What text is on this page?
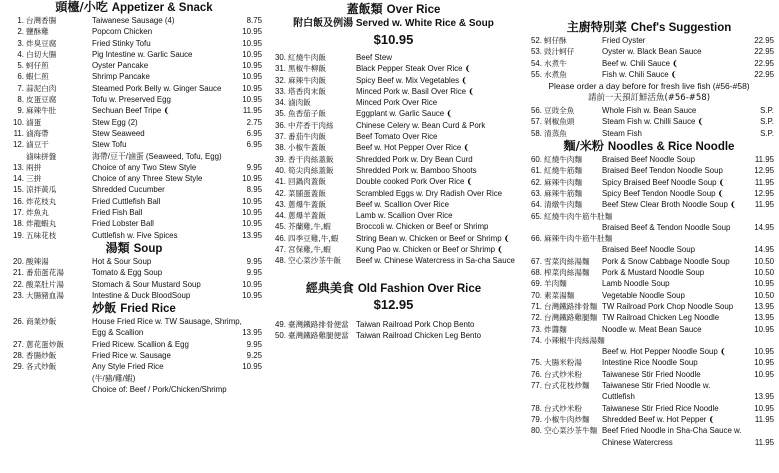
頭檯/小吃 Appetizer & Snack
1. 台灣香腸	Taiwanese Sausage (4)	8.75
2. 鹽酥雞	Popcorn Chicken	10.95
3. 炸臭豆腐	Fried Stinky Tofu	10.95
4. 白切大腸	Pig Intestine w. Garlic Sauce	10.95
5. 蚵仔煎	Oyster Pancake	10.95
6. 蝦仁煎	Shrimp Pancake	10.95
7. 蒜泥白肉	Steamed Pork Belly w. Ginger Sauce	10.95
8. 皮蛋豆腐	Tofu w. Preserved Egg	10.95
9. 麻辣牛肚	Sechuan Beef Tripe ❨	11.95
10. 滷蛋	Stew Egg (2)	2.75
11. 滷海帶	Stew Seaweed	6.95
12. 滷豆干	Stew Tofu	6.95
滷味拼盤	海帶/豆干/滷蛋 (Seaweed, Tofu, Egg)
13. 兩拼	Choice of any Two Stew Style	9.95
14. 三拼	Choice of any Three Stew Style	10.95
15. 涼拌黃瓜	Shredded Cucumber	8.95
16. 炸花枝丸	Fried Cuttlefish Ball	10.95
17. 炸魚丸	Fried Fish Ball	10.95
18. 炸龍蝦丸	Fried Lobster Ball	10.95
19. 五味花枝	Cuttlefish w. Five Spices	13.95
湯類 Soup
20. 酸辣湯	Hot & Sour Soup	9.95
21. 番茄蛋花湯	Tomato & Egg Soup	9.95
22. 酸菜肚片湯	Stomach & Sour Mustard Soup	10.95
23. 大腸豬血湯	Intestine & Duck BloodSoup	10.95
炒飯 Fried Rice
26. 商業炒飯	House Fried Rice w. TW Sausage, Shrimp,
Egg & Scallion	13.95
27. 蔥花蛋炒飯	Fried Ricew. Scallion & Egg	9.95
28. 香腸炒飯	Fried Rice w. Sausage	9.25
29. 各式炒飯	Any Style Fried Rice	10.95
(牛/豬/雞/蝦)
Choice of: Beef / Pork/Chicken/Shrimp
蓋飯類 Over Rice
附白飯及例湯 Served w. White Rice & Soup
$10.95
30. 紅燒牛肉飯	Beef Stew
31. 黑椒牛柳飯	Black Pepper Steak Over Rice ❨
32. 麻辣牛肉飯	Spicy Beef w. Mix Vegetables ❨
33. 塔香肉末飯	Minced Pork w. Basil Over Rice ❨
34. 滷肉飯	Minced Pork Over Rice
35. 魚香茄子飯	Eggplant w. Garlic Sauce ❨
36. 中芹香干肉絲	Chinese Celery w. Bean Curd & Pork
37. 番茄牛肉飯	Beef Tomato Over Rice
38. 小椒牛蓋飯	Beef w. Hot Pepper Over Rice ❨
39. 香干肉絲蓋飯	Shredded Pork w. Dry Bean Curd
40. 筍尖肉絲蓋飯	Shredded Pork w. Bamboo Shoots
41. 回鍋肉蓋飯	Double cooked Pork Over Rice ❨
42. 菜脯蛋蓋飯	Scrambled Eggs w. Dry Radish Over Rice
43. 蔥爆牛蓋飯	Beef w. Scallion Over Rice
44. 蔥爆羊蓋飯	Lamb w. Scallion Over Rice
45. 芥蘭雞,牛,蝦	Broccoli w. Chicken or Beef or Shrimp
46. 四季豆雞,牛,蝦 String Bean w. Chicken or Beef or Shrimp ❨
47. 宮保雞,牛,蝦	Kung Pao w. Chicken or Beef or Shrimp ❨
48. 空心菜沙茶牛飯 Beef w. Chinese Watercress in Sa-cha Sauce
經典美食 Old Fashion Over Rice
$12.95
49. 臺灣鐵路排骨便當 Taiwan Railroad Pork Chop Bento
50. 臺灣鐵路雞腿便當 Taiwan Railroad Chicken Leg Bento
主廚特別菜 Chef's Suggestion
52. 蚵仔酥	Fried Oyster	22.95
53. 豉汁蚵仔	Oyster w. Black Bean Sauce	22.95
54. 水煮牛	Beef w. Chili Sauce ❨	22.95
55. 水煮魚	Fish w. Chili Sauce ❨	22.95
Please order a day before for fresh live fish (#56-#58)
請前一天預訂鮮活魚(#56-#58)
56. 豆豉全魚	Whole Fish w. Bean Sauce	S.P.
57. 剁椒魚頭	Steam Fish w. Chilli Sauce ❨	S.P.
58. 清蒸魚	Steam Fish	S.P.
麵/米粉 Noodles & Rice Noodle
60. 紅燒牛肉麵	Braised Beef Noodle Soup	11.95
61. 紅燒牛筋麵	Braised Beef Tendon Noodle Soup	12.95
62. 麻辣牛肉麵	Spicy Braised Beef Noodle Soup ❨	11.95
63. 麻辣牛筋麵	Spicy Beef Tendon Noodle Soup ❨	12.95
64. 清燉牛肉麵	Beef Stew Clear Broth Noodle Soup ❨ 11.95
65. 紅燒牛肉牛筋牛肚麵
Braised Beef & Tendon Noodle Soup	14.95
66. 麻辣牛肉牛筋牛肚麵
Braised Beef Noodle Soup	14.95
67. 雪菜肉絲湯麵 Pork & Snow Cabbage Noodle Soup	10.50
68. 榨菜肉絲湯麵 Pork & Mustard Noodle Soup	10.50
69. 羊肉麵	Lamb Noodle Soup	10.95
70. 素菜湯麵	Vegetable Noodle Soup	10.50
71. 台灣鐵路排骨麵 TW Railroad Pork Chop Noodle Soup	13.95
72. 台灣鐵路雞腿麵 TW Railroad Chicken Leg Noodle	13.95
73. 炸醬麵	Noodle w. Meat Bean Sauce	10.95
74. 小辣椒牛肉絲湯麵
Beef w. Hot Pepper Noodle Soup ❨	10.95
75. 大腸米粉湯	Intestine Rice Noodle Soup	10.95
76. 台式炒米粉	Taiwanese Stir Fried Noodle	10.95
77. 台式花枝炒麵 Taiwanese Stir Fried Noodle w.
Cuttlefish	13.95
78. 台式炒米粉	Taiwanese Stir Fried Rice Noodle	10.95
79. 小椒牛肉炒麵 Shredded Beef w. Hot Pepper ❨	11.95
80. 空心菜沙茶牛麵 Beef Fried Noodle in Sha-Cha Sauce w.
Chinese Watercress	11.95
